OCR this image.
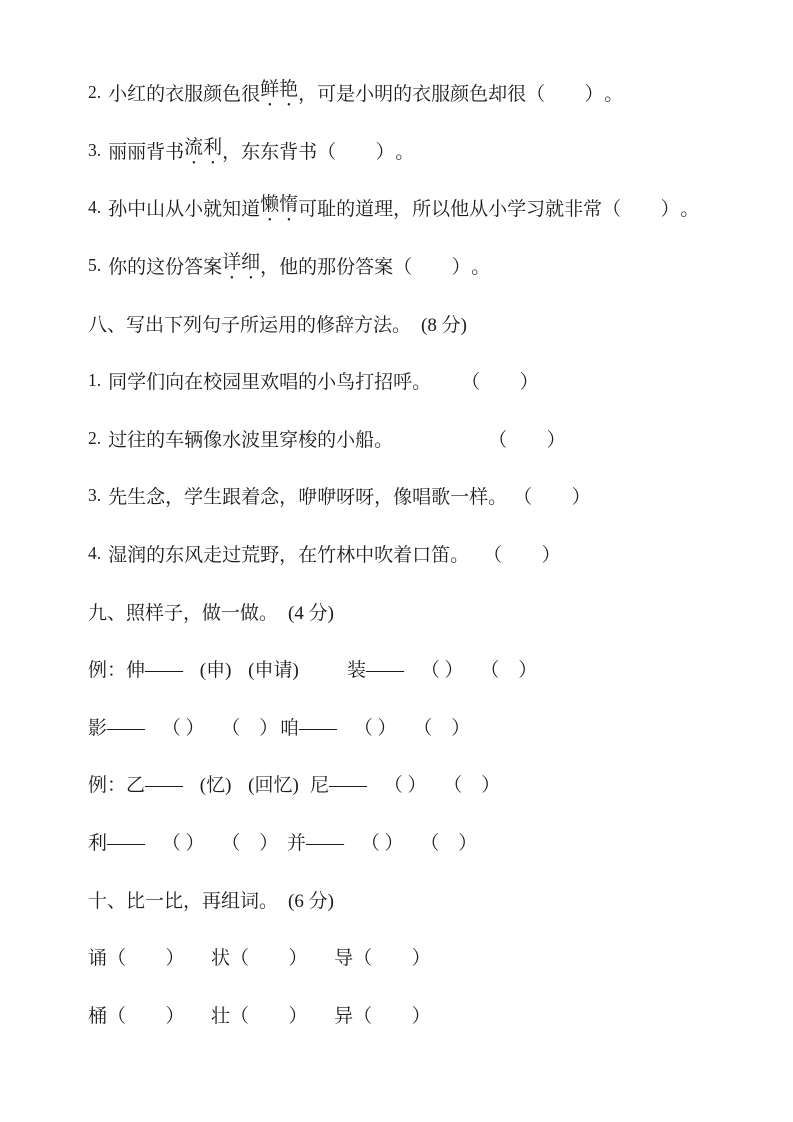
2. 小红的衣服颜色很 鲜艳 ，可是小明的衣服颜色却很 （　　） 。
3. 丽丽背书 流利 ，东东背书 （　　） 。
4. 孙中山从小就知道 懒惰 可耻的道理，所以他从小学习就非常 （　　） 。
5. 你的这份答案 详细 ，他的那份答案 （　　） 。
八、写出下列句子所运用的修辞方法。 (8 分)
1. 同学们向在校园里欢唱的小鸟打招呼。 （　　）
2. 过往的车辆像水波里穿梭的小船。	（　　）
3. 先生念，学生跟着念，咿咿呀呀，像唱歌一样。 （　　）
4. 湿润的东风走过荒野，在竹林中吹着口笛。 （　　）
九、照样子，做一做。 (4 分)
例：伸—— (申) (申请)	装—— （ ） （　）
影—— （ ） （　） 咱—— （ ） （　）
例：乙—— (忆) (回忆) 尼—— （ ） （　）
利—— （ ） （　） 并—— （ ） （　）
十、比一比，再组词。 (6 分)
诵（　　） 状（　　） 导（　　）
桶（　　） 壮（　　） 异（　　）
